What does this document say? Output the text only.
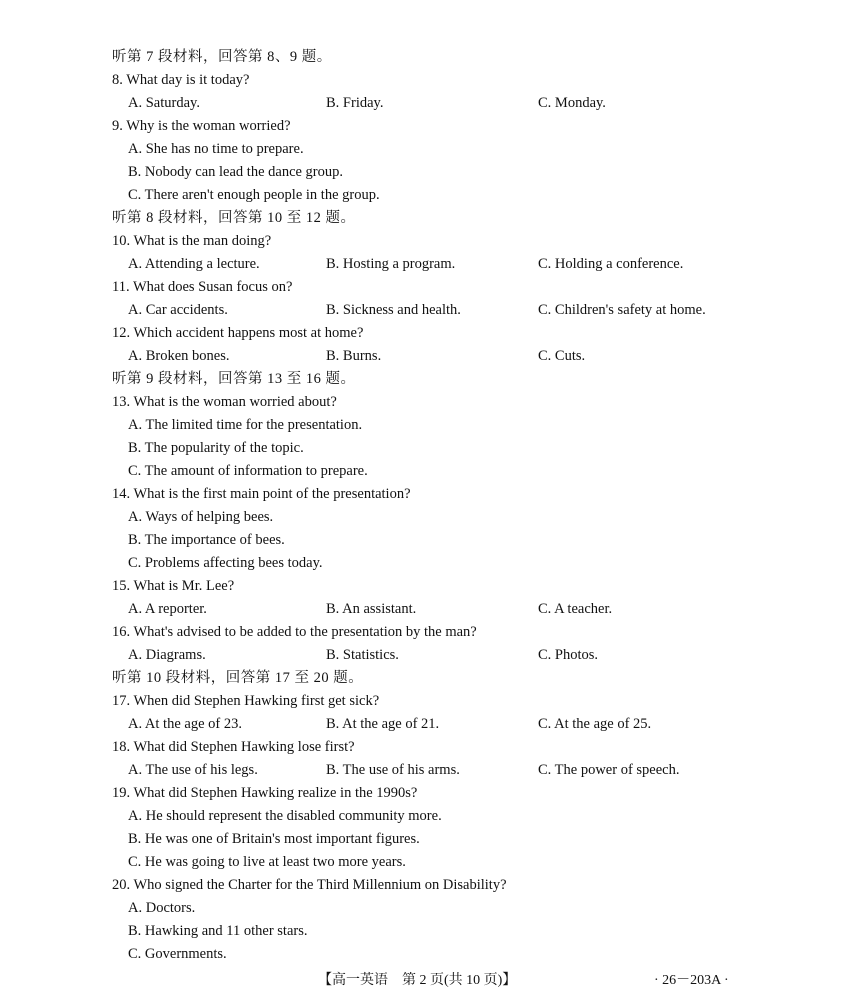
听第 7 段材料，回答第 8、9 题。
8. What day is it today?
A. Saturday.	B. Friday.	C. Monday.
9. Why is the woman worried?
A. She has no time to prepare.
B. Nobody can lead the dance group.
C. There aren't enough people in the group.
听第 8 段材料，回答第 10 至 12 题。
10. What is the man doing?
A. Attending a lecture.	B. Hosting a program.	C. Holding a conference.
11. What does Susan focus on?
A. Car accidents.	B. Sickness and health.	C. Children's safety at home.
12. Which accident happens most at home?
A. Broken bones.	B. Burns.	C. Cuts.
听第 9 段材料，回答第 13 至 16 题。
13. What is the woman worried about?
A. The limited time for the presentation.
B. The popularity of the topic.
C. The amount of information to prepare.
14. What is the first main point of the presentation?
A. Ways of helping bees.
B. The importance of bees.
C. Problems affecting bees today.
15. What is Mr. Lee?
A. A reporter.	B. An assistant.	C. A teacher.
16. What's advised to be added to the presentation by the man?
A. Diagrams.	B. Statistics.	C. Photos.
听第 10 段材料，回答第 17 至 20 题。
17. When did Stephen Hawking first get sick?
A. At the age of 23.	B. At the age of 21.	C. At the age of 25.
18. What did Stephen Hawking lose first?
A. The use of his legs.	B. The use of his arms.	C. The power of speech.
19. What did Stephen Hawking realize in the 1990s?
A. He should represent the disabled community more.
B. He was one of Britain's most important figures.
C. He was going to live at least two more years.
20. Who signed the Charter for the Third Millennium on Disability?
A. Doctors.
B. Hawking and 11 other stars.
C. Governments.
【高一英语　第 2 页(共 10 页)】	· 26－203A ·
